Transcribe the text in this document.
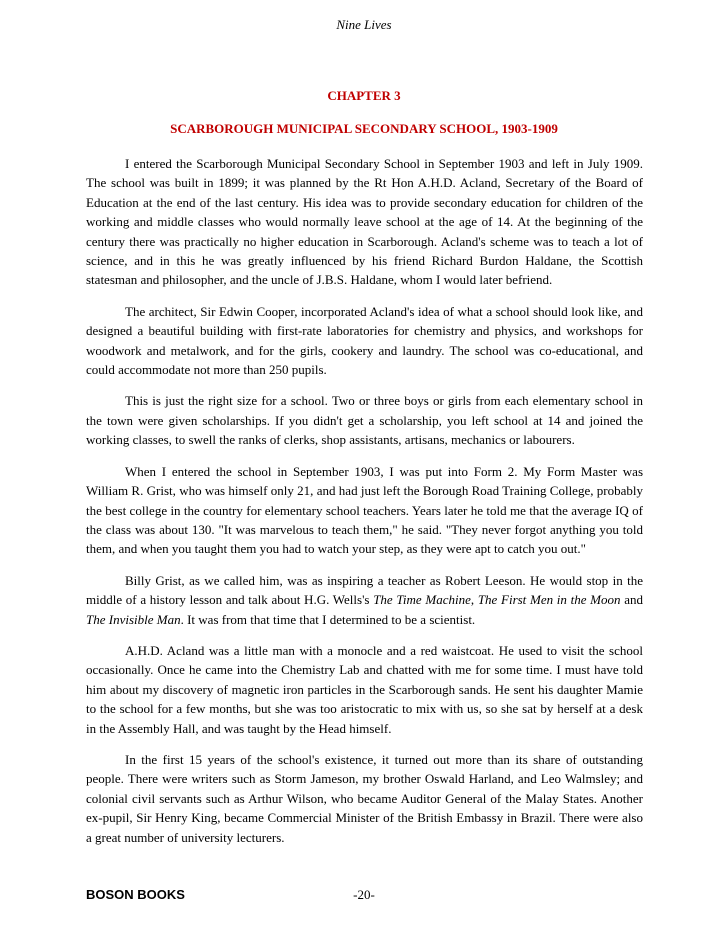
Nine Lives
CHAPTER 3
SCARBOROUGH MUNICIPAL SECONDARY SCHOOL, 1903-1909

I entered the Scarborough Municipal Secondary School in September 1903 and left in July 1909. The school was built in 1899; it was planned by the Rt Hon A.H.D. Acland, Secretary of the Board of Education at the end of the last century. His idea was to provide secondary education for children of the working and middle classes who would normally leave school at the age of 14. At the beginning of the century there was practically no higher education in Scarborough. Acland's scheme was to teach a lot of science, and in this he was greatly influenced by his friend Richard Burdon Haldane, the Scottish statesman and philosopher, and the uncle of J.B.S. Haldane, whom I would later befriend.

The architect, Sir Edwin Cooper, incorporated Acland's idea of what a school should look like, and designed a beautiful building with first-rate laboratories for chemistry and physics, and workshops for woodwork and metalwork, and for the girls, cookery and laundry. The school was co-educational, and could accommodate not more than 250 pupils.

This is just the right size for a school. Two or three boys or girls from each elementary school in the town were given scholarships. If you didn't get a scholarship, you left school at 14 and joined the working classes, to swell the ranks of clerks, shop assistants, artisans, mechanics or labourers.

When I entered the school in September 1903, I was put into Form 2. My Form Master was William R. Grist, who was himself only 21, and had just left the Borough Road Training College, probably the best college in the country for elementary school teachers. Years later he told me that the average IQ of the class was about 130. "It was marvelous to teach them," he said. "They never forgot anything you told them, and when you taught them you had to watch your step, as they were apt to catch you out."

Billy Grist, as we called him, was as inspiring a teacher as Robert Leeson. He would stop in the middle of a history lesson and talk about H.G. Wells's The Time Machine, The First Men in the Moon and The Invisible Man. It was from that time that I determined to be a scientist.

A.H.D. Acland was a little man with a monocle and a red waistcoat. He used to visit the school occasionally. Once he came into the Chemistry Lab and chatted with me for some time. I must have told him about my discovery of magnetic iron particles in the Scarborough sands. He sent his daughter Mamie to the school for a few months, but she was too aristocratic to mix with us, so she sat by herself at a desk in the Assembly Hall, and was taught by the Head himself.

In the first 15 years of the school's existence, it turned out more than its share of outstanding people. There were writers such as Storm Jameson, my brother Oswald Harland, and Leo Walmsley; and colonial civil servants such as Arthur Wilson, who became Auditor General of the Malay States. Another ex-pupil, Sir Henry King, became Commercial Minister of the British Embassy in Brazil. There were also a great number of university lecturers.

BOSON BOOKS	-20-
